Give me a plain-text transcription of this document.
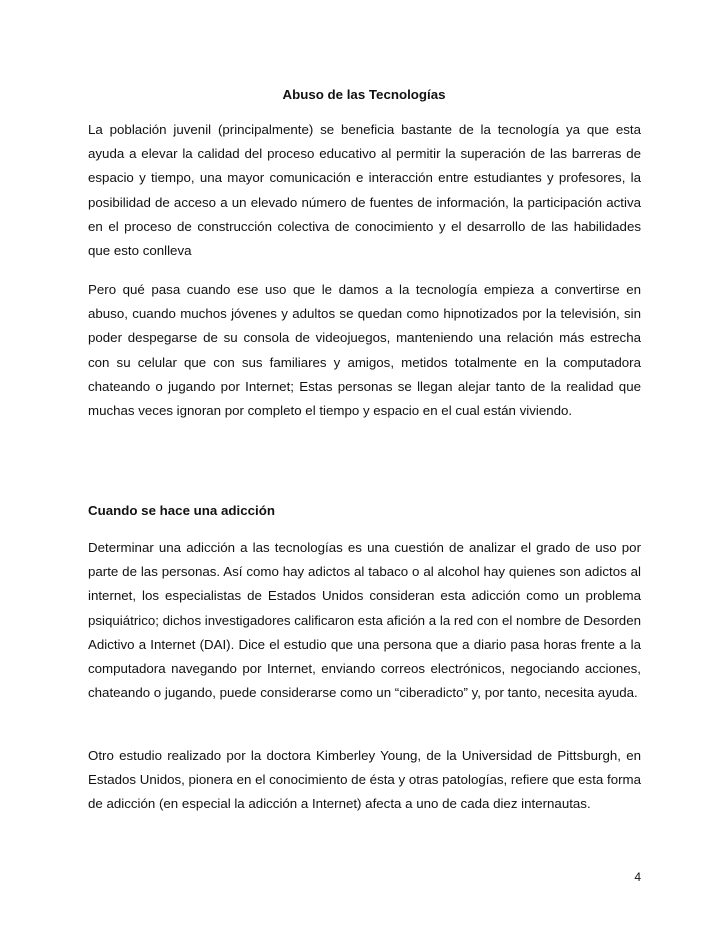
Abuso de las Tecnologías

La población juvenil (principalmente) se beneficia bastante de la tecnología ya que esta ayuda a elevar la calidad del proceso educativo al permitir la superación de las barreras de espacio y tiempo, una mayor comunicación e interacción entre estudiantes y profesores, la posibilidad de acceso a un elevado número de fuentes de información, la participación activa en el proceso de construcción colectiva de conocimiento y el desarrollo de las habilidades que esto conlleva

Pero qué pasa cuando ese uso que le damos a la tecnología empieza a convertirse en abuso, cuando muchos jóvenes y adultos se quedan como hipnotizados por la televisión, sin poder despegarse de su consola de videojuegos, manteniendo una relación más estrecha con su celular que con sus familiares y amigos, metidos totalmente en la computadora chateando o jugando por Internet; Estas personas se llegan alejar tanto de la realidad que muchas veces ignoran por completo el tiempo y espacio en el cual están viviendo.

Cuando se hace una adicción

Determinar una adicción a las tecnologías es una cuestión de analizar el grado de uso por parte de las personas. Así como hay adictos al tabaco o al alcohol hay quienes son adictos al internet, los especialistas de Estados Unidos consideran esta adicción como un problema psiquiátrico; dichos investigadores calificaron esta afición a la red con el nombre de Desorden Adictivo a Internet (DAI). Dice el estudio que una persona que a diario pasa horas frente a la computadora navegando por Internet, enviando correos electrónicos, negociando acciones, chateando o jugando, puede considerarse como un “ciberadicto” y, por tanto, necesita ayuda.

Otro estudio realizado por la doctora Kimberley Young, de la Universidad de Pittsburgh, en Estados Unidos, pionera en el conocimiento de ésta y otras patologías, refiere que esta forma de adicción (en especial la adicción a Internet) afecta a uno de cada diez internautas.

4
